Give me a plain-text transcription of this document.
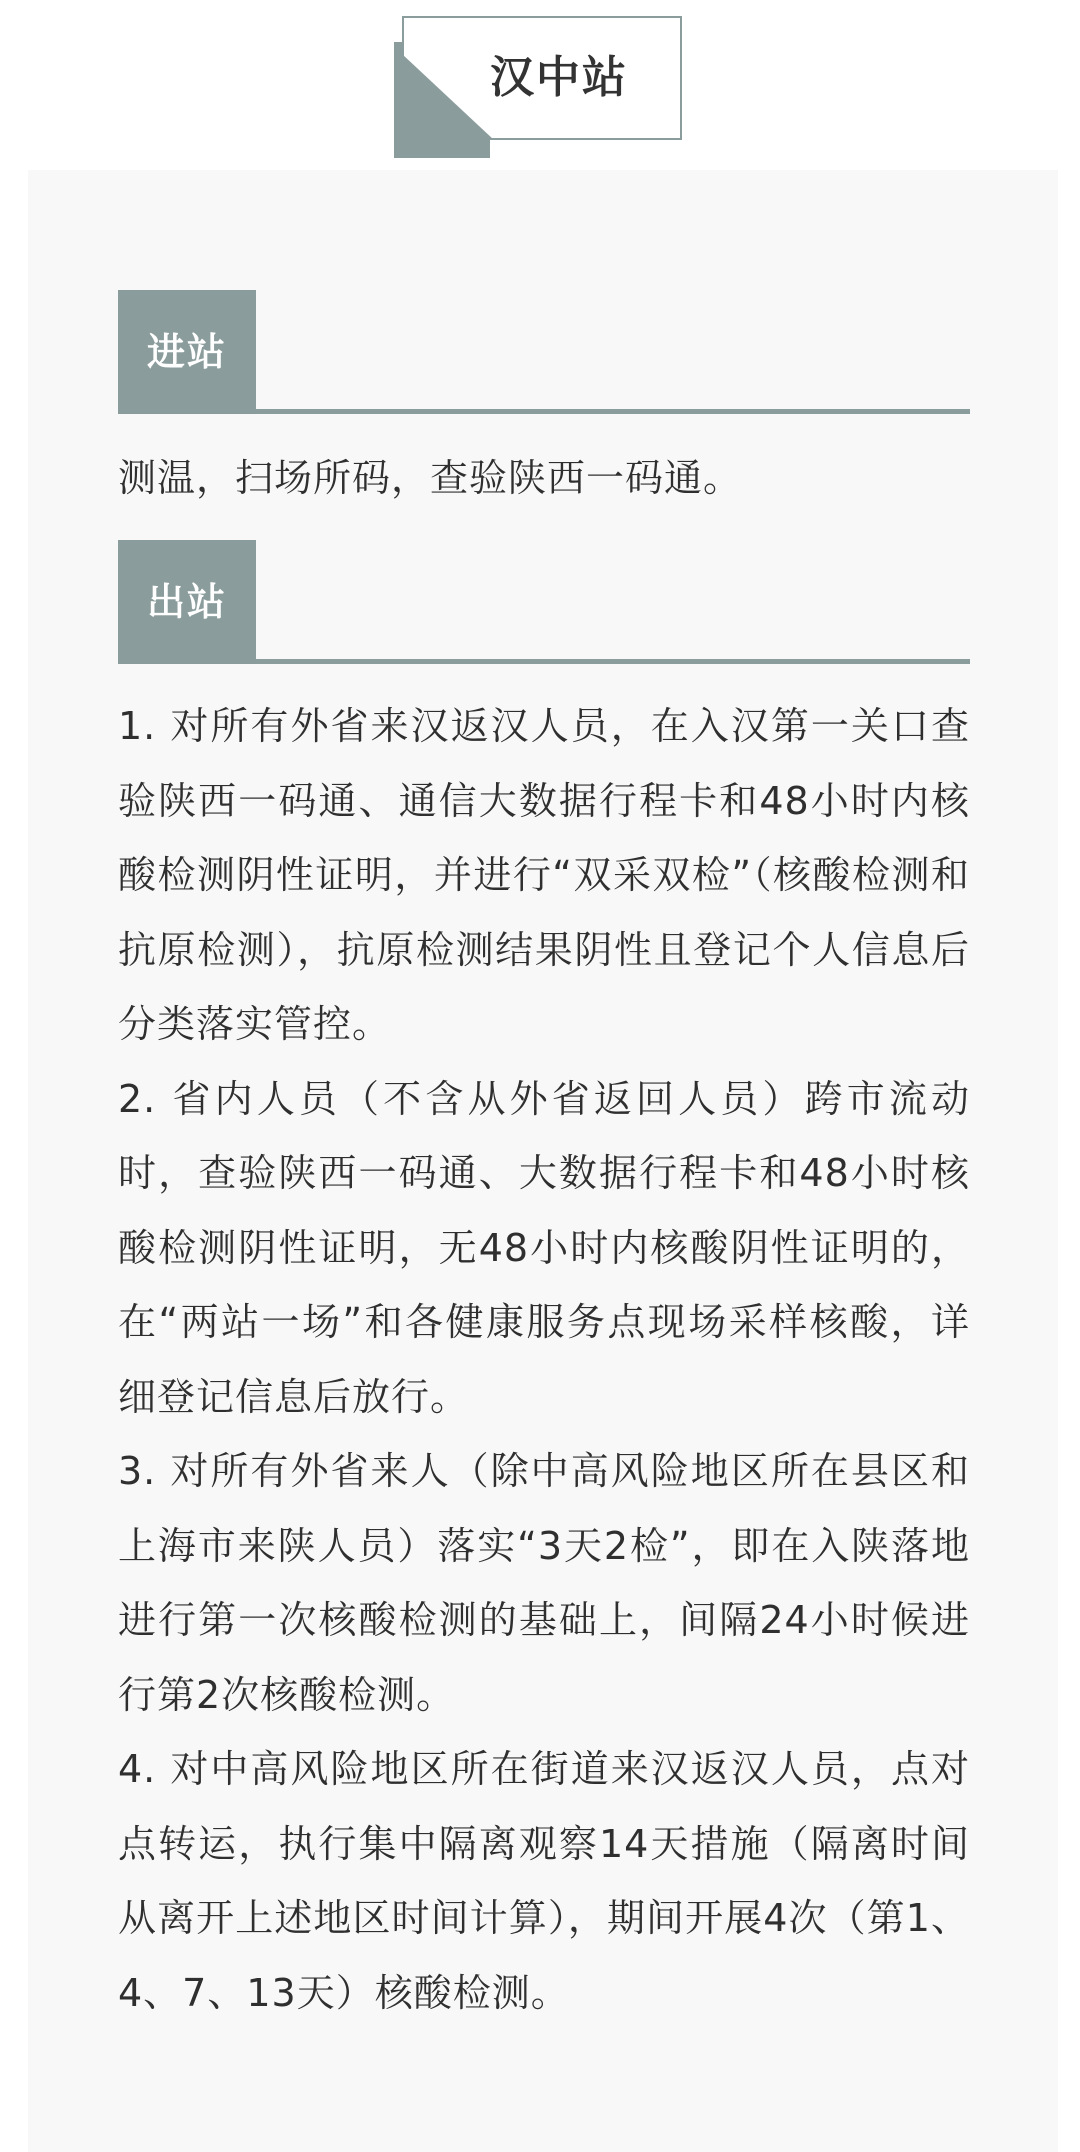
汉中站
进站

测温，扫场所码，查验陕西一码通。

出站

1. 对所有外省来汉返汉人员，在入汉第一关口查验陕西一码通、通信大数据行程卡和48小时内核酸检测阴性证明，并进行“双采双检”（核酸检测和抗原检测），抗原检测结果阴性且登记个人信息后分类落实管控。

2. 省内人员（不含从外省返回人员）跨市流动时，查验陕西一码通、大数据行程卡和48小时核酸检测阴性证明，无48小时内核酸阴性证明的，在“两站一场”和各健康服务点现场采样核酸，详细登记信息后放行。

3. 对所有外省来人（除中高风险地区所在县区和上海市来陕人员）落实“3天2检”，即在入陕落地进行第一次核酸检测的基础上，间隔24小时候进行第2次核酸检测。

4. 对中高风险地区所在街道来汉返汉人员，点对点转运，执行集中隔离观察14天措施（隔离时间从离开上述地区时间计算），期间开展4次（第1、4、7、13天）核酸检测。
